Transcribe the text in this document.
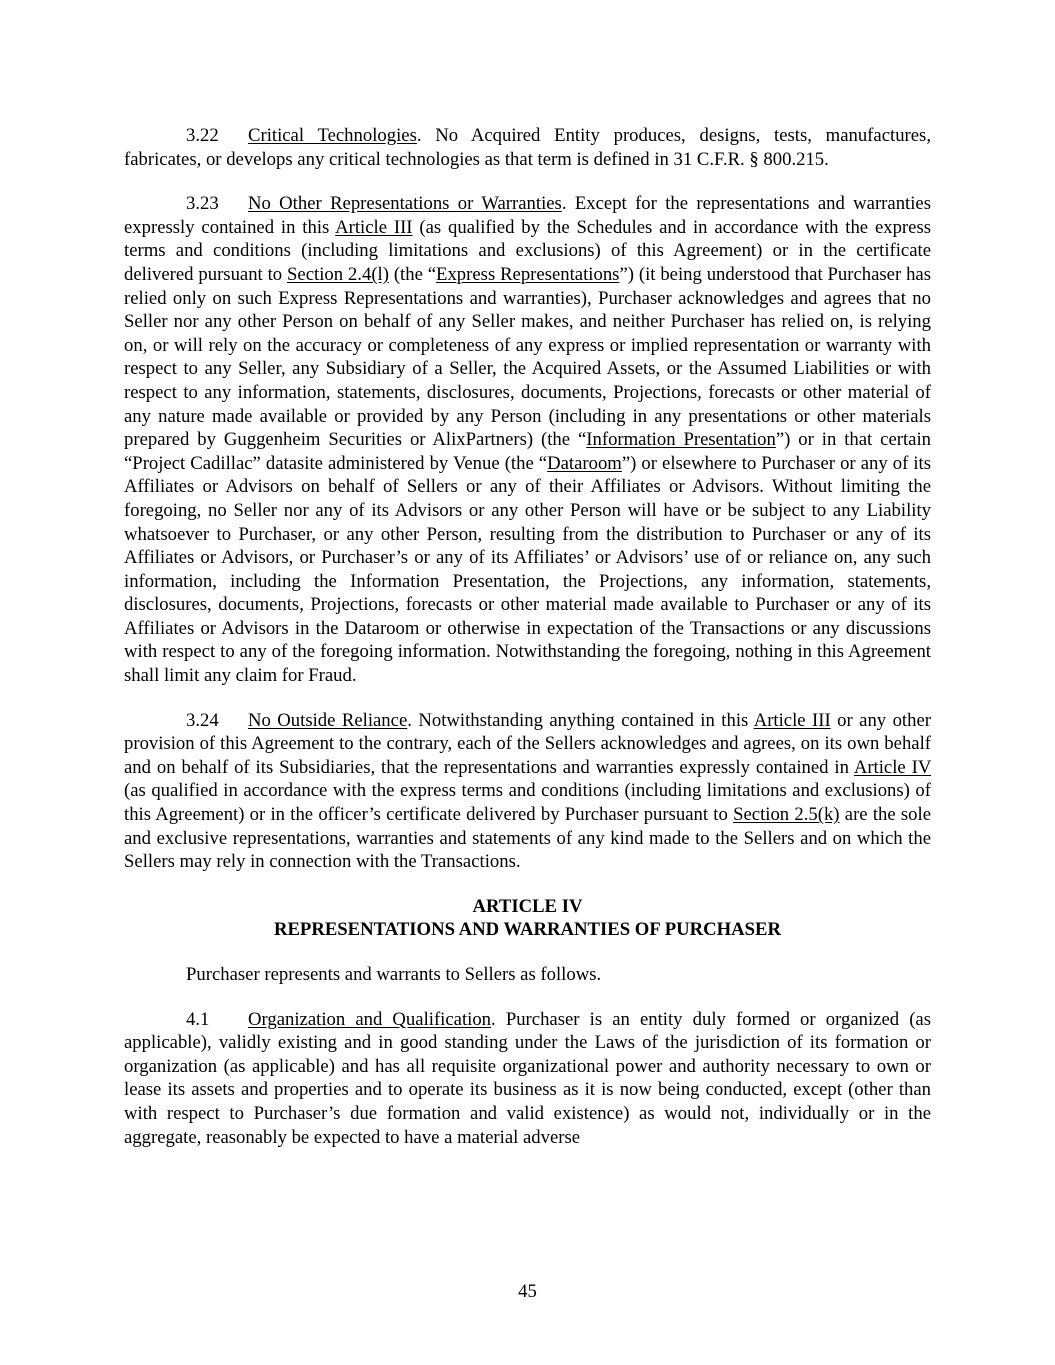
3.22 Critical Technologies. No Acquired Entity produces, designs, tests, manufactures, fabricates, or develops any critical technologies as that term is defined in 31 C.F.R. § 800.215.

3.23 No Other Representations or Warranties. Except for the representations and warranties expressly contained in this Article III (as qualified by the Schedules and in accordance with the express terms and conditions (including limitations and exclusions) of this Agreement) or in the certificate delivered pursuant to Section 2.4(l) (the “Express Representations”) (it being understood that Purchaser has relied only on such Express Representations and warranties), Purchaser acknowledges and agrees that no Seller nor any other Person on behalf of any Seller makes, and neither Purchaser has relied on, is relying on, or will rely on the accuracy or completeness of any express or implied representation or warranty with respect to any Seller, any Subsidiary of a Seller, the Acquired Assets, or the Assumed Liabilities or with respect to any information, statements, disclosures, documents, Projections, forecasts or other material of any nature made available or provided by any Person (including in any presentations or other materials prepared by Guggenheim Securities or AlixPartners) (the “Information Presentation”) or in that certain “Project Cadillac” datasite administered by Venue (the “Dataroom”) or elsewhere to Purchaser or any of its Affiliates or Advisors on behalf of Sellers or any of their Affiliates or Advisors. Without limiting the foregoing, no Seller nor any of its Advisors or any other Person will have or be subject to any Liability whatsoever to Purchaser, or any other Person, resulting from the distribution to Purchaser or any of its Affiliates or Advisors, or Purchaser’s or any of its Affiliates’ or Advisors’ use of or reliance on, any such information, including the Information Presentation, the Projections, any information, statements, disclosures, documents, Projections, forecasts or other material made available to Purchaser or any of its Affiliates or Advisors in the Dataroom or otherwise in expectation of the Transactions or any discussions with respect to any of the foregoing information. Notwithstanding the foregoing, nothing in this Agreement shall limit any claim for Fraud.

3.24 No Outside Reliance. Notwithstanding anything contained in this Article III or any other provision of this Agreement to the contrary, each of the Sellers acknowledges and agrees, on its own behalf and on behalf of its Subsidiaries, that the representations and warranties expressly contained in Article IV (as qualified in accordance with the express terms and conditions (including limitations and exclusions) of this Agreement) or in the officer’s certificate delivered by Purchaser pursuant to Section 2.5(k) are the sole and exclusive representations, warranties and statements of any kind made to the Sellers and on which the Sellers may rely in connection with the Transactions.

ARTICLE IV
REPRESENTATIONS AND WARRANTIES OF PURCHASER

Purchaser represents and warrants to Sellers as follows.

4.1 Organization and Qualification. Purchaser is an entity duly formed or organized (as applicable), validly existing and in good standing under the Laws of the jurisdiction of its formation or organization (as applicable) and has all requisite organizational power and authority necessary to own or lease its assets and properties and to operate its business as it is now being conducted, except (other than with respect to Purchaser’s due formation and valid existence) as would not, individually or in the aggregate, reasonably be expected to have a material adverse

45
